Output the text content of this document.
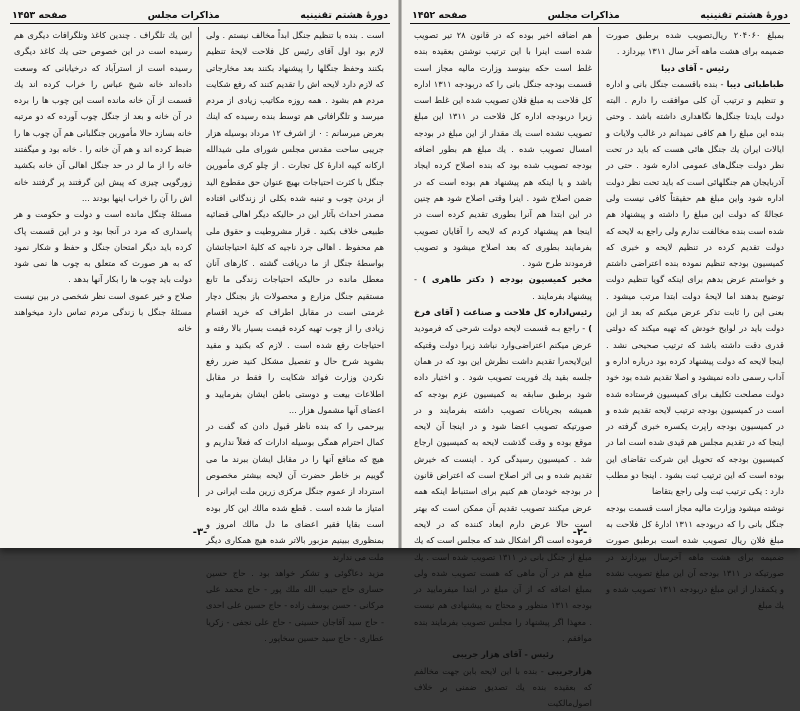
دورهٔ هشتم تقنینیه
مذاکرات مجلس
صفحه ۱۴۵۳

است . بنده با تنظیم جنگل ابداً مخالف نیستم . ولی لازم بود اول آقای رئیس کل فلاحت لایحهٔ تنظیم بکنند وحفظ جنگلها را پیشنهاد بکنند بعد مخارجاتی که لازم دارد لایحه اش را تقدیم کنند که رفع شکایت مردم هم بشود . همه روزه مکاتیب زیادی از مردم میرسد و تلگرافاتی هم توسط بنده رسیده که اینك بعرض میرسانم : ۰ از اشرف ۱۲ مرداد بوسیله هزار جریبی ساحت مقدس مجلس شورای ملی شیدالله ارکانه کپیه ادارهٔ کل تجارت . از چلو کری مأمورین جنگل با کثرت احتیاجات بهیچ عنوان حق مقطوع الید از بردن چوب و تبنبه شده بکلی از زندگانی افتاده مصدر احداث بآثار این در حالیکه دیگر اهالی قضائیه طبیعی خلاف بکنید . قرار مشروطیت و حقوق ملی هم محفوظ . اهالی جرد ناجیه که کلیهٔ احتیاجاتشان بواسطهٔ جنگل از ما دریافت گشته . کارهای آنان معطل مانده در حالیکه احتیاجات زندگی ما تابع مستقیم جنگل مزارع و محصولات باز بجنگل دچار غرمتی است در مقابل اطراف که خرید اقسام زیادی را از چوب تهیه کرده قیمت بسیار بالا رفته و احتیاجات رفع شده است . لازم که بکنید و مقید بشوید شرح حال و تفصیل مشکل کنید ضرر رفع نکردن وزارت فوائد شکایت را فقط در مقابل اطلاعات بیعت و دوستی باطن ایشان بفرمایید و اعضای آنها مشمول هزار ...

بیرحمی را که بنده ناظر قبول دادن که گفت در کمال احترام همگی بوسیله ادارات که فعلاً نداریم و هیچ که منافع آنها را در مقابل ایشان ببرند ما می گوییم بر خاطر حضرت آن لایحه بیشتر مخصوص استرداد از عموم جنگل مرکزی زرین ملت ایرانی در امتیاز ما شده است . قطع شده مالك این کار بوده است بقایا فقیر اعضای ما دل مالك امروز و بمنظوری ببینیم مزبور بالاتر شده هیچ همکاری دیگر ملت می ندارند

مزید دعاگوئی و تشکر خواهد بود . حاج حسین حساری حاج حبیب الله ملك پور - حاج محمد علی مرکانی - حسن یوسف زاده - حاج حسین علی احدی - حاج سید آقاجان حسینی - حاج علی نجفی - زکریا عطاری - حاج سید حسین سخاپور .

این یك تلگراف . چندین کاغذ وتلگرافات دیگری هم رسیده است در این خصوص حتی یك کاغذ دیگری رسیده است از استرآباد که درخیابانی که وسعت داده‌اند خانه شیخ عباس را خراب کرده اند یك قسمت از آن خانه مانده است این چوب ها را برده در آن خانه و بعد از جنگل چوب آورده که دو مرتبه خانه بسازد حالا مأمورین جنگلبانی هم آن چوب ها را ضبط کرده اند و هم آن خانه را . خانه بود و میگفتند خانه را از ما لر در حد جنگل اهالی آن خانه بکشید زورگویی چیزی که پیش این گرفتند پر گرفتند خانه اش را آن را خراب اینها بودند ...

مسئلهٔ چنگل مانده است و دولت و حکومت و هر پاسداری که مرد در آنجا بود و در این قسمت پاک کرده باید دیگر امتحان جنگل و حفظ و شکار نمود که به هر صورت که متعلق به چوب ها نمی شود دولت باید چوب ها را بکار آنها بدهد .

صلاح و خیر عموی است نظر شخصی در بین نیست مسئلهٔ جنگل با زندگی مردم تماس دارد میخواهند خانه

-۳-
دورهٔ هشتم تقنینیه
مذاکرات مجلس
صفحه ۱۴۵۲

بمبلغ ۲۰۴۰۶۰ ریال‌تصویب شده برطبق صورت ضمیمه برای هشت ماهه آخر سال ۱۳۱۱ بپردازد .

رئیس - آقای دیبا

طباطبائی دیبا - بنده باقسمت جنگل بانی و اداره و تنظیم و ترتیب آن کلی موافقت را دارم . البته دولت بایدتا جنگل‌ها نگاهداری داشته باشد . وحتی بنده این مبلغ را هم کافی نمیدانم در غالب ولایات و ایالات ایران یك جنگل هائی هست که باید در تحت نظر دولت جنگل‌های عمومی اداره شود . حتی در آذربایجان هم جنگلهائی است که باید تحت نظر دولت اداره شود واین مبلغ هم حقیقتاً کافی نیست ولی عجالةً که دولت این مبلغ را داشته و پیشنهاد هم شده است بنده مخالفت ندارم ولی راجع به لایحه که دولت تقدیم کرده در تنظیم لایحه و خبری که کمیسیون بودجه تنظیم نموده بنده اعتراضی داشتم و خواستم عرض بدهم برای اینکه گویا تنظیم دولت توضیح بدهند اما لایحهٔ دولت ابتدا مرتب میشود . بعنی این را ثابت تذکر عرض میکنم که بعد از این دولت باید در لوایح خودش که تهیه میکند که دولتی قدری دقت داشته باشد که ترتیب صحیحی نشد . اینجا لایحه که دولت پیشنهاد کرده بود درباره اداره و آداب رسمی داده نمیشود و اصلا تقدیم شده بود خود دولت مصلحت تکلیف برای کمیسیون فرستاده شده است در کمیسیون بودجه ترتیب لایحه تقدیم شده و در کمیسیون بودجه راپرت یكسره خبری گرفته در اینجا که در تقدیم مجلس هم قیدی شده است اما در کمیسیون بودجه که تحویل این شرکت تقاضای این بوده است که این ترتیب ثبت بشود . اینجا دو مطلب دارد : یکی ترتیب ثبت ولی راجع بتقاضا

نوشته میشود وزارت مالیه مجاز است قسمت بودجه جنگل بانی را که دربودجه ۱۳۱۱ ادارهٔ کل فلاحت به مبلغ فلان ریال تصویب شده است برطبق صورت ضمیمه برای هشت ماهه آخرسال بپردازند در صورتیکه در ۱۳۱۱ بودجه آن این مبلغ تصویب نشده و یکمقدار از این مبلغ دربودجه ۱۳۱۱ تصویب شده و یك مبلغ

هم اضافه اخیر بوده که در قانون ۲۸ تیر تصویب شده است اینرا با این ترتیب نوشتن بعقیده بنده غلط است حکه بینوسد وزارت مالیه مجاز است قسمت بودجه جنگل بانی را که دربودجه ۱۳۱۱ اداره کل فلاحت به مبلغ فلان تصویب شده این غلط است زیرا دربودجه اداره کل فلاحت در ۱۳۱۱ این مبلغ تصویب نشده است یك مقدار از این مبلغ در بودجه امسال تصویب شده . یك مبلغ هم بطور اضافه بودجه تصویب شده بود که بنده اصلاح کرده ایجاد باشد و یا اینکه هم پیشنهاد هم بوده است که در ضمن اصلاح شود . اینرا وقتی اصلاح شود هم چنین در این ابتدا هم آنرا بطوری تقدیم کرده است در اینجا هم پیشنهاد کردم که لایحه را آقایان تصویب بفرمایند بطوری که بعد اصلاح میشود و تصویب فرمودند طرح شود .

مخبر کمیسیون بودجه ( دکتر طاهری ) - پیشنهاد بفرمایند .

رئیس‌اداره کل فلاحت و صناعت ( آقای فرخ ) - راجع بـه قسمت لایحه دولت شرحی که فرمودید عرض میکنم اعتراضی‌وارد نباشد زیرا دولت وقتیکه این‌لایحه‌را تقدیم داشت نظرش این بود که در همان جلسه بقید یك فوریت تصویب شود . و اختیار داده شود برطبق سابقه به کمیسیون عزم بودجه که همیشه بجریانات تصویب داشته بفرمایند و در صورتیکه تصویب اعضا شود و در اینجا آن لایحه موقع بوده و وقت گذشت لایحه به کمیسیون ارجاع شد . کمیسیون رسیدگی کرد . اینست که خیرش تقدیم شده و بی اثر اصلاح است که اعتراض قانون در بودجه خودمان هم کنیم برای استنباط اینکه همه عرض میکنند تصویب تقدیم آن ممکن است که بهتر است حالا عرض دارم ابعاد کننده که در لایحه فرموده است اگر اشکال شد که مجلس است که یك مبلغ از جنگل بانی در ۱۳۱۱ تصویب شده است . یك مبلغ هم در آن ماهی که هست تصویب شده ولی بمبلغ اضافه که از آن مبلغ در ابتدا میفرمایید در بودجه ۱۳۱۱ منظور و محتاج به پیشنهادی هم نیست . معهذا اگر پیشنهاد را مجلس تصویب بفرمایند بنده موافقم .

رئیس - آقای هزار جریبی

هزارجریبی - بنده با این لایحه بابن جهت مخالفم که بعقیده بنده یك تصدیق ضمنی بر خلاف اصول‌مالکیت

-۲-
